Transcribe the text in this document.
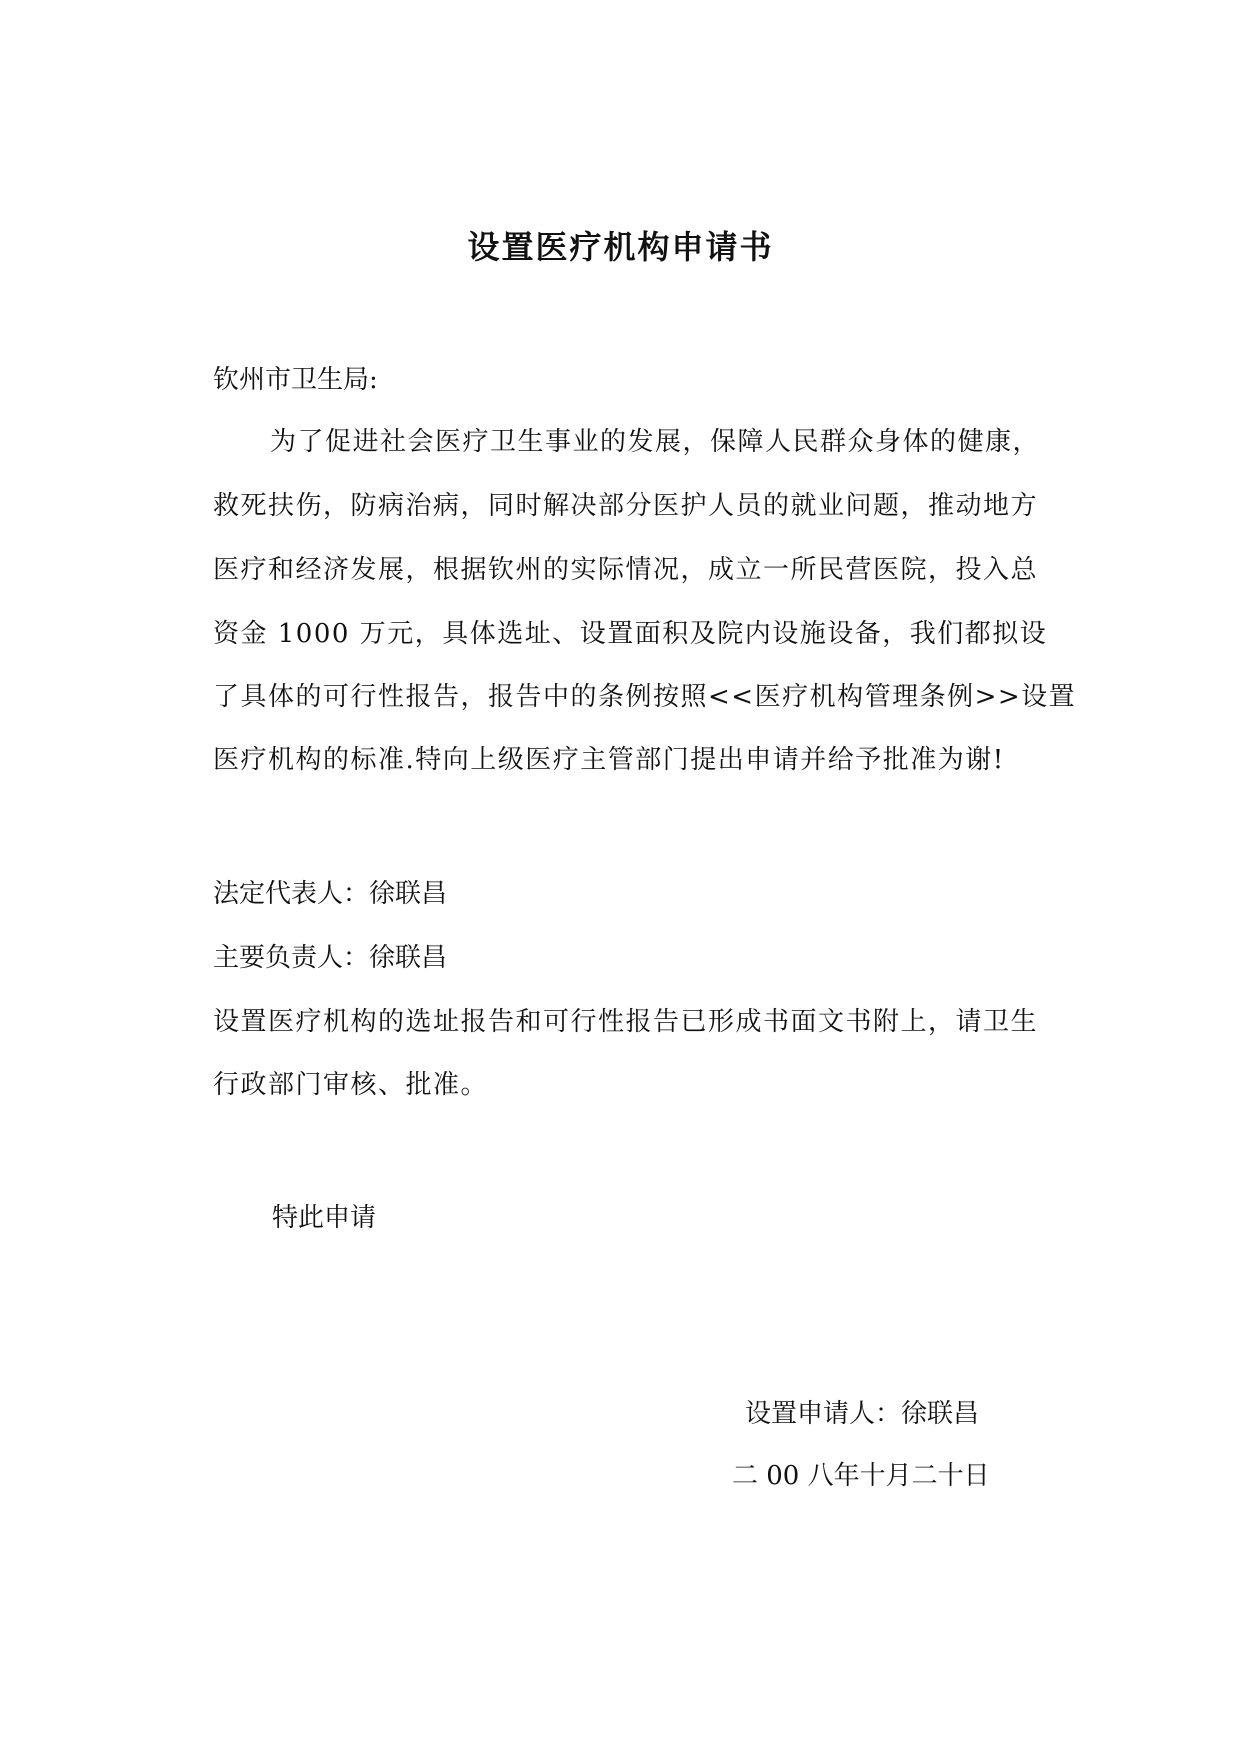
设置医疗机构申请书
钦州市卫生局:
为了促进社会医疗卫生事业的发展，保障人民群众身体的健康，
救死扶伤，防病治病，同时解决部分医护人员的就业问题，推动地方
医疗和经济发展，根据钦州的实际情况，成立一所民营医院，投入总
资金 1000 万元，具体选址、设置面积及院内设施设备，我们都拟设
了具体的可行性报告，报告中的条例按照<<医疗机构管理条例>>设置
医疗机构的标准.特向上级医疗主管部门提出申请并给予批准为谢!
法定代表人：徐联昌
主要负责人：徐联昌
设置医疗机构的选址报告和可行性报告已形成书面文书附上，请卫生
行政部门审核、批准。
特此申请
设置申请人：徐联昌
二 00 八年十月二十日
